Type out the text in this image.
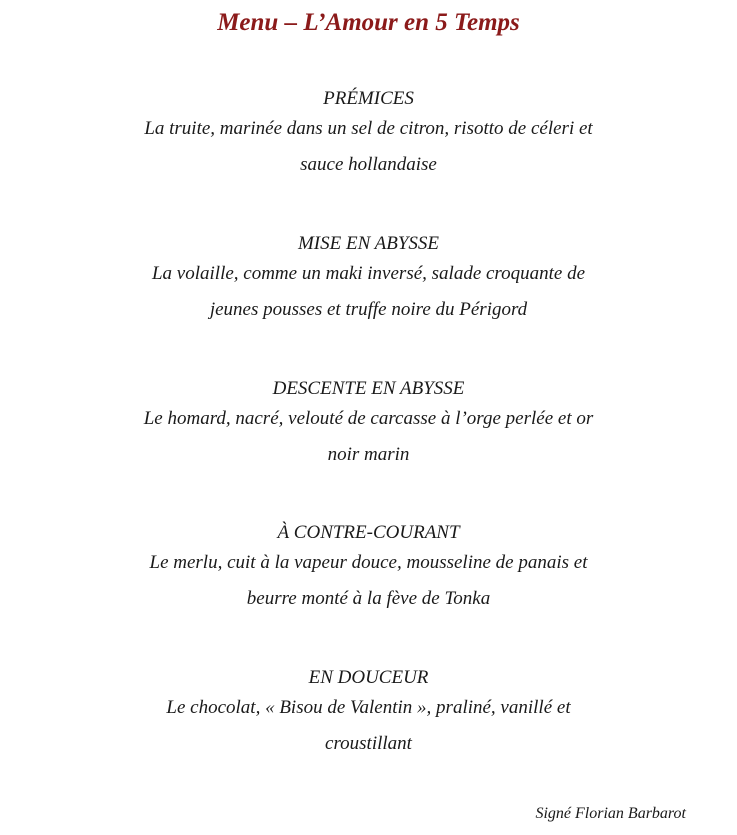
Menu – L’Amour en 5 Temps
PRÉMICES
La truite, marinée dans un sel de citron, risotto de céleri et
sauce hollandaise
MISE EN ABYSSE
La volaille, comme un maki inversé, salade croquante de
jeunes pousses et truffe noire du Périgord
DESCENTE EN ABYSSE
Le homard, nacré, velouté de carcasse à l’orge perlée et or
noir marin
À CONTRE-COURANT
Le merlu, cuit à la vapeur douce, mousseline de panais et
beurre monté à la fève de Tonka
EN DOUCEUR
Le chocolat, « Bisou de Valentin », praliné, vanillé et
croustillant
Signé Florian Barbarot
